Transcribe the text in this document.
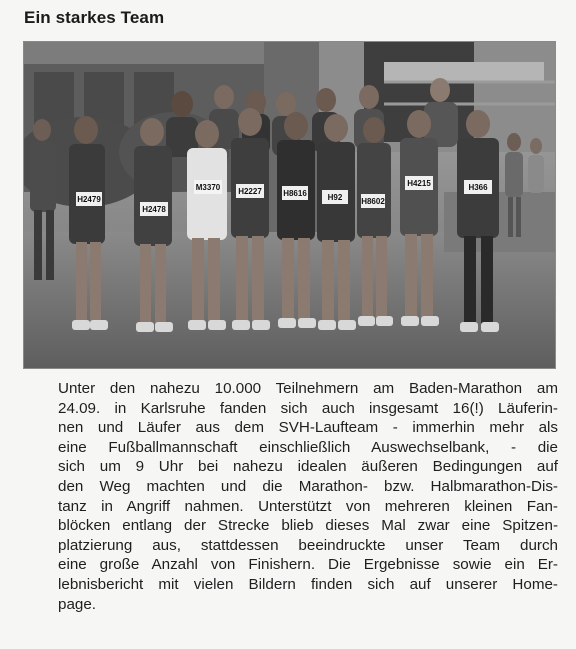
Ein starkes Team
H2479
H2478
M3370 H2227	H8616	H92 H8602
H4215	H366
Unter den nahezu 10.000 Teilnehmern am Baden-Marathon am
24.09. in Karlsruhe fanden sich auch insgesamt 16(!) Läuferin-
nen und Läufer aus dem SVH-Laufteam - immerhin mehr als
eine Fußballmannschaft einschließlich Auswechselbank, - die
sich um 9 Uhr bei nahezu idealen äußeren Bedingungen auf
den Weg machten und die Marathon- bzw. Halbmarathon-Dis-
tanz in Angriff nahmen. Unterstützt von mehreren kleinen Fan-
blöcken entlang der Strecke blieb dieses Mal zwar eine Spitzen-
platzierung aus, stattdessen beeindruckte unser Team durch
eine große Anzahl von Finishern. Die Ergebnisse sowie ein Er-
lebnisbericht mit vielen Bildern finden sich auf unserer Home-
page.
